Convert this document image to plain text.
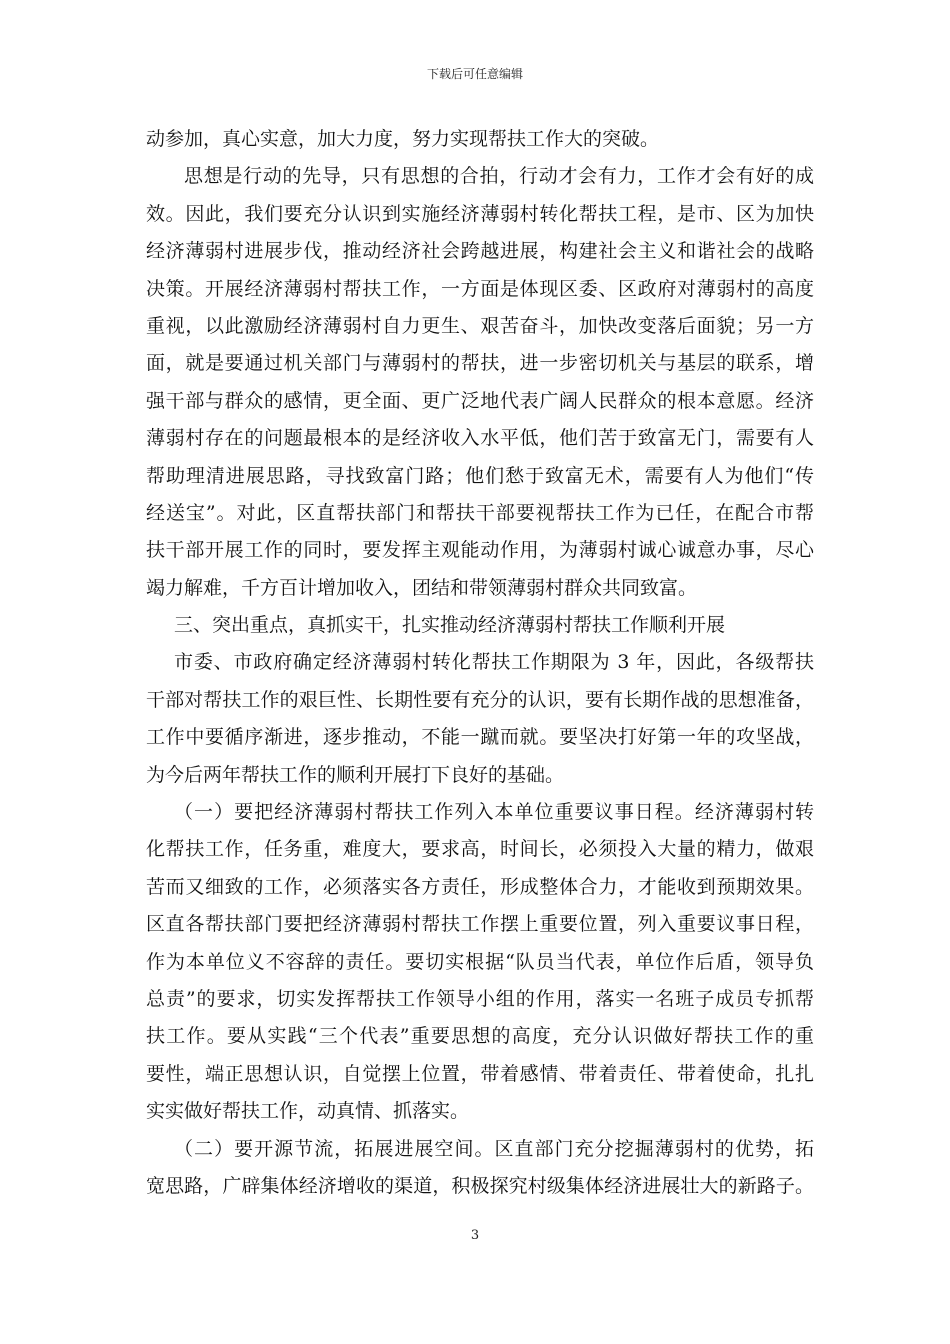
下载后可任意编辑
动参加，真心实意，加大力度，努力实现帮扶工作大的突破。
思想是行动的先导，只有思想的合拍，行动才会有力，工作才会有好的成
效。因此，我们要充分认识到实施经济薄弱村转化帮扶工程，是市、区为加快
经济薄弱村进展步伐，推动经济社会跨越进展，构建社会主义和谐社会的战略
决策。开展经济薄弱村帮扶工作，一方面是体现区委、区政府对薄弱村的高度
重视，以此激励经济薄弱村自力更生、艰苦奋斗，加快改变落后面貌；另一方
面，就是要通过机关部门与薄弱村的帮扶，进一步密切机关与基层的联系，增
强干部与群众的感情，更全面、更广泛地代表广阔人民群众的根本意愿。经济
薄弱村存在的问题最根本的是经济收入水平低，他们苦于致富无门，需要有人
帮助理清进展思路，寻找致富门路；他们愁于致富无术，需要有人为他们“传
经送宝”。对此，区直帮扶部门和帮扶干部要视帮扶工作为已任，在配合市帮
扶干部开展工作的同时，要发挥主观能动作用，为薄弱村诚心诚意办事，尽心
竭力解难，千方百计增加收入，团结和带领薄弱村群众共同致富。
三、突出重点，真抓实干，扎实推动经济薄弱村帮扶工作顺利开展
市委、市政府确定经济薄弱村转化帮扶工作期限为 3 年，因此，各级帮扶
干部对帮扶工作的艰巨性、长期性要有充分的认识，要有长期作战的思想准备，
工作中要循序渐进，逐步推动，不能一蹴而就。要坚决打好第一年的攻坚战，
为今后两年帮扶工作的顺利开展打下良好的基础。
（一）要把经济薄弱村帮扶工作列入本单位重要议事日程。经济薄弱村转
化帮扶工作，任务重，难度大，要求高，时间长，必须投入大量的精力，做艰
苦而又细致的工作，必须落实各方责任，形成整体合力，才能收到预期效果。
区直各帮扶部门要把经济薄弱村帮扶工作摆上重要位置，列入重要议事日程，
作为本单位义不容辞的责任。要切实根据“队员当代表，单位作后盾，领导负
总责”的要求，切实发挥帮扶工作领导小组的作用，落实一名班子成员专抓帮
扶工作。要从实践“三个代表”重要思想的高度，充分认识做好帮扶工作的重
要性，端正思想认识，自觉摆上位置，带着感情、带着责任、带着使命，扎扎
实实做好帮扶工作，动真情、抓落实。
（二）要开源节流，拓展进展空间。区直部门充分挖掘薄弱村的优势，拓
宽思路，广辟集体经济增收的渠道，积极探究村级集体经济进展壮大的新路子。
3
